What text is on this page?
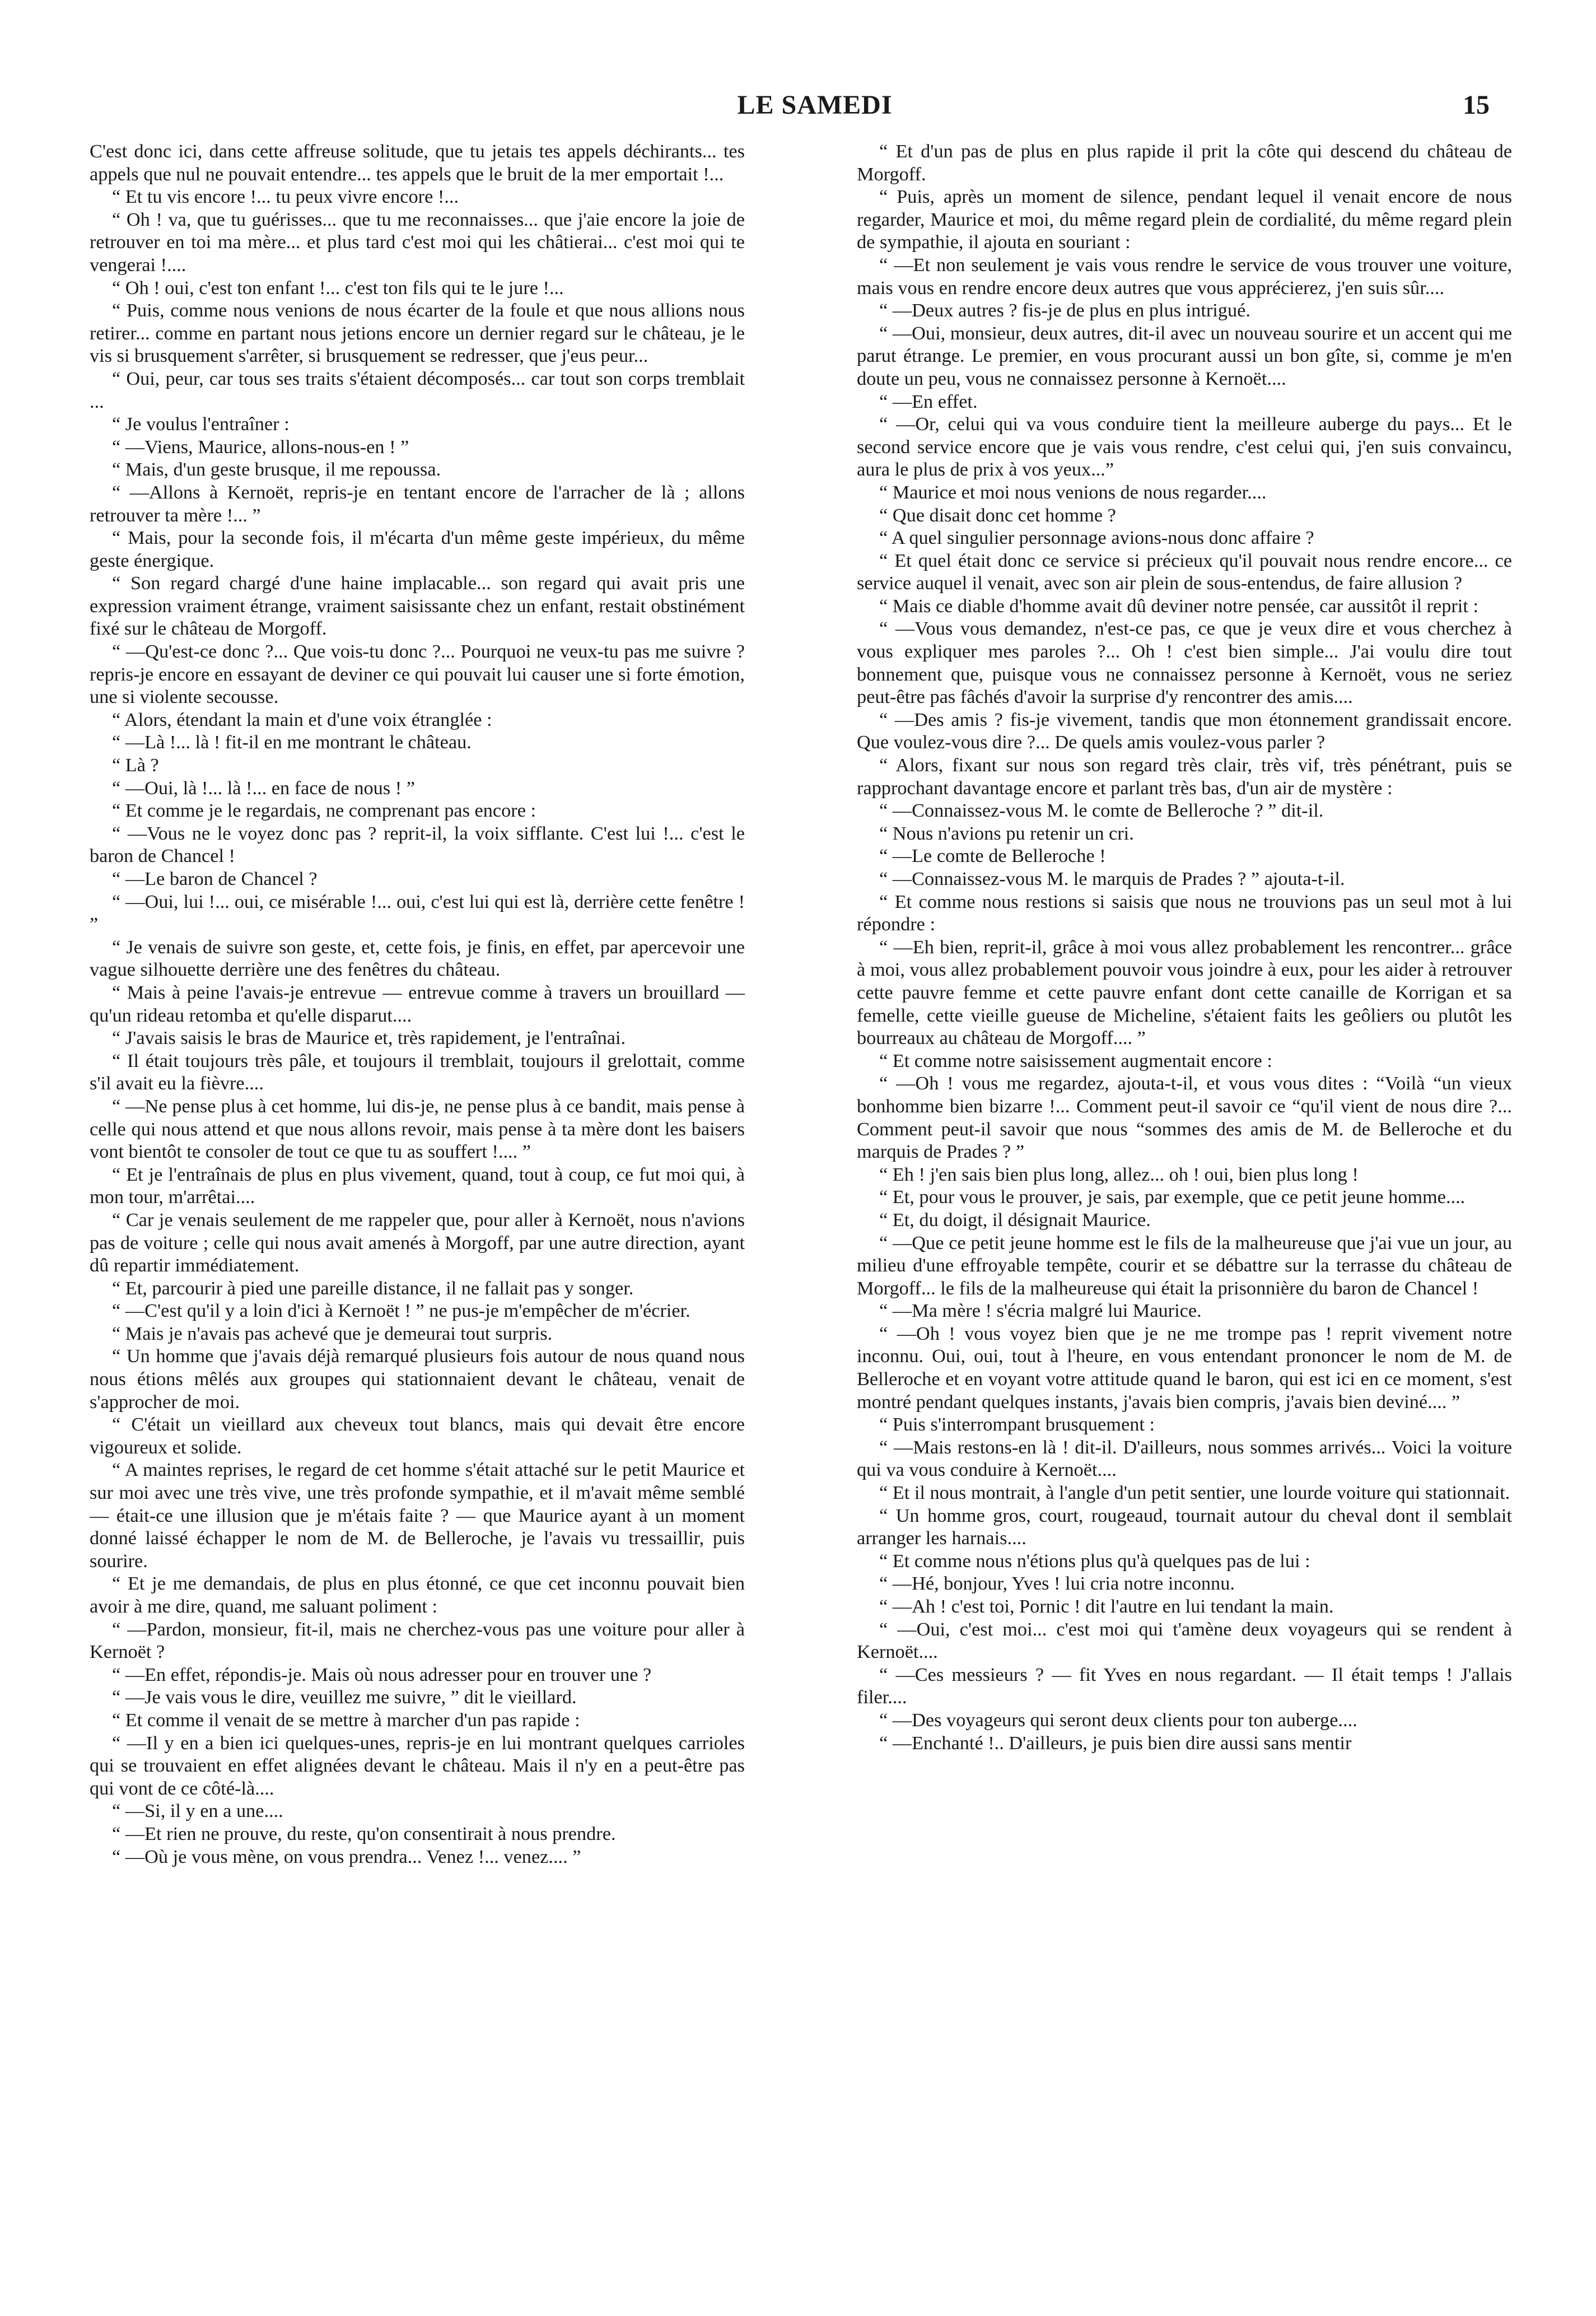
LE SAMEDI	15

C'est donc ici, dans cette affreuse solitude, que tu jetais tes appels déchirants... tes appels que nul ne pouvait entendre... tes appels que le bruit de la mer emportait !...

“ Et tu vis encore !... tu peux vivre encore !...

“ Oh ! va, que tu guérisses... que tu me reconnaisses... que j'aie encore la joie de retrouver en toi ma mère... et plus tard c'est moi qui les châtierai... c'est moi qui te vengerai !....

“ Oh ! oui, c'est ton enfant !... c'est ton fils qui te le jure !...

“ Puis, comme nous venions de nous écarter de la foule et que nous allions nous retirer... comme en partant nous jetions encore un dernier regard sur le château, je le vis si brusquement s'arrêter, si brusquement se redresser, que j'eus peur...

“ Oui, peur, car tous ses traits s'étaient décomposés... car tout son corps tremblait ...

“ Je voulus l'entraîner :

“ —Viens, Maurice, allons-nous-en ! ”

“ Mais, d'un geste brusque, il me repoussa.

“ —Allons à Kernoët, repris-je en tentant encore de l'arracher de là ; allons retrouver ta mère !... ”

“ Mais, pour la seconde fois, il m'écarta d'un même geste impérieux, du même geste énergique.

“ Son regard chargé d'une haine implacable... son regard qui avait pris une expression vraiment étrange, vraiment saisissante chez un enfant, restait obstinément fixé sur le château de Morgoff.

“ —Qu'est-ce donc ?... Que vois-tu donc ?... Pourquoi ne veux-tu pas me suivre ? repris-je encore en essayant de deviner ce qui pouvait lui causer une si forte émotion, une si violente secousse.

“ Alors, étendant la main et d'une voix étranglée :

“ —Là !... là ! fit-il en me montrant le château.

“ Là ?

“ —Oui, là !... là !... en face de nous ! ”

“ Et comme je le regardais, ne comprenant pas encore :

“ —Vous ne le voyez donc pas ? reprit-il, la voix sifflante. C'est lui !... c'est le baron de Chancel !

“ —Le baron de Chancel ?

“ —Oui, lui !... oui, ce misérable !... oui, c'est lui qui est là, derrière cette fenêtre ! ”

“ Je venais de suivre son geste, et, cette fois, je finis, en effet, par apercevoir une vague silhouette derrière une des fenêtres du château.

“ Mais à peine l'avais-je entrevue — entrevue comme à travers un brouillard — qu'un rideau retomba et qu'elle disparut....

“ J'avais saisis le bras de Maurice et, très rapidement, je l'entraînai.

“ Il était toujours très pâle, et toujours il tremblait, toujours il grelottait, comme s'il avait eu la fièvre....

“ —Ne pense plus à cet homme, lui dis-je, ne pense plus à ce bandit, mais pense à celle qui nous attend et que nous allons revoir, mais pense à ta mère dont les baisers vont bientôt te consoler de tout ce que tu as souffert !.... ”

“ Et je l'entraînais de plus en plus vivement, quand, tout à coup, ce fut moi qui, à mon tour, m'arrêtai....

“ Car je venais seulement de me rappeler que, pour aller à Kernoët, nous n'avions pas de voiture ; celle qui nous avait amenés à Morgoff, par une autre direction, ayant dû repartir immédiatement.

“ Et, parcourir à pied une pareille distance, il ne fallait pas y songer.

“ —C'est qu'il y a loin d'ici à Kernoët ! ” ne pus-je m'empêcher de m'écrier.

“ Mais je n'avais pas achevé que je demeurai tout surpris.

“ Un homme que j'avais déjà remarqué plusieurs fois autour de nous quand nous nous étions mêlés aux groupes qui stationnaient devant le château, venait de s'approcher de moi.

“ C'était un vieillard aux cheveux tout blancs, mais qui devait être encore vigoureux et solide.

“ A maintes reprises, le regard de cet homme s'était attaché sur le petit Maurice et sur moi avec une très vive, une très profonde sympathie, et il m'avait même semblé — était-ce une illusion que je m'étais faite ? — que Maurice ayant à un moment donné laissé échapper le nom de M. de Belleroche, je l'avais vu tressaillir, puis sourire.

“ Et je me demandais, de plus en plus étonné, ce que cet inconnu pouvait bien avoir à me dire, quand, me saluant poliment :

“ —Pardon, monsieur, fit-il, mais ne cherchez-vous pas une voiture pour aller à Kernoët ?

“ —En effet, répondis-je. Mais où nous adresser pour en trouver une ?

“ —Je vais vous le dire, veuillez me suivre, ” dit le vieillard.

“ Et comme il venait de se mettre à marcher d'un pas rapide :

“ —Il y en a bien ici quelques-unes, repris-je en lui montrant quelques carrioles qui se trouvaient en effet alignées devant le château. Mais il n'y en a peut-être pas qui vont de ce côté-là....

“ —Si, il y en a une....

“ —Et rien ne prouve, du reste, qu'on consentirait à nous prendre.

“ —Où je vous mène, on vous prendra... Venez !... venez.... ”

“ Et d'un pas de plus en plus rapide il prit la côte qui descend du château de Morgoff.

“ Puis, après un moment de silence, pendant lequel il venait encore de nous regarder, Maurice et moi, du même regard plein de cordialité, du même regard plein de sympathie, il ajouta en souriant :

“ —Et non seulement je vais vous rendre le service de vous trouver une voiture, mais vous en rendre encore deux autres que vous apprécierez, j'en suis sûr....

“ —Deux autres ? fis-je de plus en plus intrigué.

“ —Oui, monsieur, deux autres, dit-il avec un nouveau sourire et un accent qui me parut étrange. Le premier, en vous procurant aussi un bon gîte, si, comme je m'en doute un peu, vous ne connaissez personne à Kernoët....

“ —En effet.

“ —Or, celui qui va vous conduire tient la meilleure auberge du pays... Et le second service encore que je vais vous rendre, c'est celui qui, j'en suis convaincu, aura le plus de prix à vos yeux...”

“ Maurice et moi nous venions de nous regarder....

“ Que disait donc cet homme ?

“ A quel singulier personnage avions-nous donc affaire ?

“ Et quel était donc ce service si précieux qu'il pouvait nous rendre encore... ce service auquel il venait, avec son air plein de sous-entendus, de faire allusion ?

“ Mais ce diable d'homme avait dû deviner notre pensée, car aussitôt il reprit :

“ —Vous vous demandez, n'est-ce pas, ce que je veux dire et vous cherchez à vous expliquer mes paroles ?... Oh ! c'est bien simple... J'ai voulu dire tout bonnement que, puisque vous ne connaissez personne à Kernoët, vous ne seriez peut-être pas fâchés d'avoir la surprise d'y rencontrer des amis....

“ —Des amis ? fis-je vivement, tandis que mon étonnement grandissait encore. Que voulez-vous dire ?... De quels amis voulez-vous parler ?

“ Alors, fixant sur nous son regard très clair, très vif, très pénétrant, puis se rapprochant davantage encore et parlant très bas, d'un air de mystère :

“ —Connaissez-vous M. le comte de Belleroche ? ” dit-il.

“ Nous n'avions pu retenir un cri.

“ —Le comte de Belleroche !

“ —Connaissez-vous M. le marquis de Prades ? ” ajouta-t-il.

“ Et comme nous restions si saisis que nous ne trouvions pas un seul mot à lui répondre :

“ —Eh bien, reprit-il, grâce à moi vous allez probablement les rencontrer... grâce à moi, vous allez probablement pouvoir vous joindre à eux, pour les aider à retrouver cette pauvre femme et cette pauvre enfant dont cette canaille de Korrigan et sa femelle, cette vieille gueuse de Micheline, s'étaient faits les geôliers ou plutôt les bourreaux au château de Morgoff.... ”

“ Et comme notre saisissement augmentait encore :

“ —Oh ! vous me regardez, ajouta-t-il, et vous vous dites : “Voilà “un vieux bonhomme bien bizarre !... Comment peut-il savoir ce “qu'il vient de nous dire ?... Comment peut-il savoir que nous “sommes des amis de M. de Belleroche et du marquis de Prades ? ”

“ Eh ! j'en sais bien plus long, allez... oh ! oui, bien plus long !

“ Et, pour vous le prouver, je sais, par exemple, que ce petit jeune homme....

“ Et, du doigt, il désignait Maurice.

“ —Que ce petit jeune homme est le fils de la malheureuse que j'ai vue un jour, au milieu d'une effroyable tempête, courir et se débattre sur la terrasse du château de Morgoff... le fils de la malheureuse qui était la prisonnière du baron de Chancel !

“ —Ma mère ! s'écria malgré lui Maurice.

“ —Oh ! vous voyez bien que je ne me trompe pas ! reprit vivement notre inconnu. Oui, oui, tout à l'heure, en vous entendant prononcer le nom de M. de Belleroche et en voyant votre attitude quand le baron, qui est ici en ce moment, s'est montré pendant quelques instants, j'avais bien compris, j'avais bien deviné.... ”

“ Puis s'interrompant brusquement :

“ —Mais restons-en là ! dit-il. D'ailleurs, nous sommes arrivés... Voici la voiture qui va vous conduire à Kernoët....

“ Et il nous montrait, à l'angle d'un petit sentier, une lourde voiture qui stationnait.

“ Un homme gros, court, rougeaud, tournait autour du cheval dont il semblait arranger les harnais....

“ Et comme nous n'étions plus qu'à quelques pas de lui :

“ —Hé, bonjour, Yves ! lui cria notre inconnu.

“ —Ah ! c'est toi, Pornic ! dit l'autre en lui tendant la main.

“ —Oui, c'est moi... c'est moi qui t'amène deux voyageurs qui se rendent à Kernoët....

“ —Ces messieurs ? — fit Yves en nous regardant. — Il était temps ! J'allais filer....

“ —Des voyageurs qui seront deux clients pour ton auberge....

“ —Enchanté !.. D'ailleurs, je puis bien dire aussi sans mentir
